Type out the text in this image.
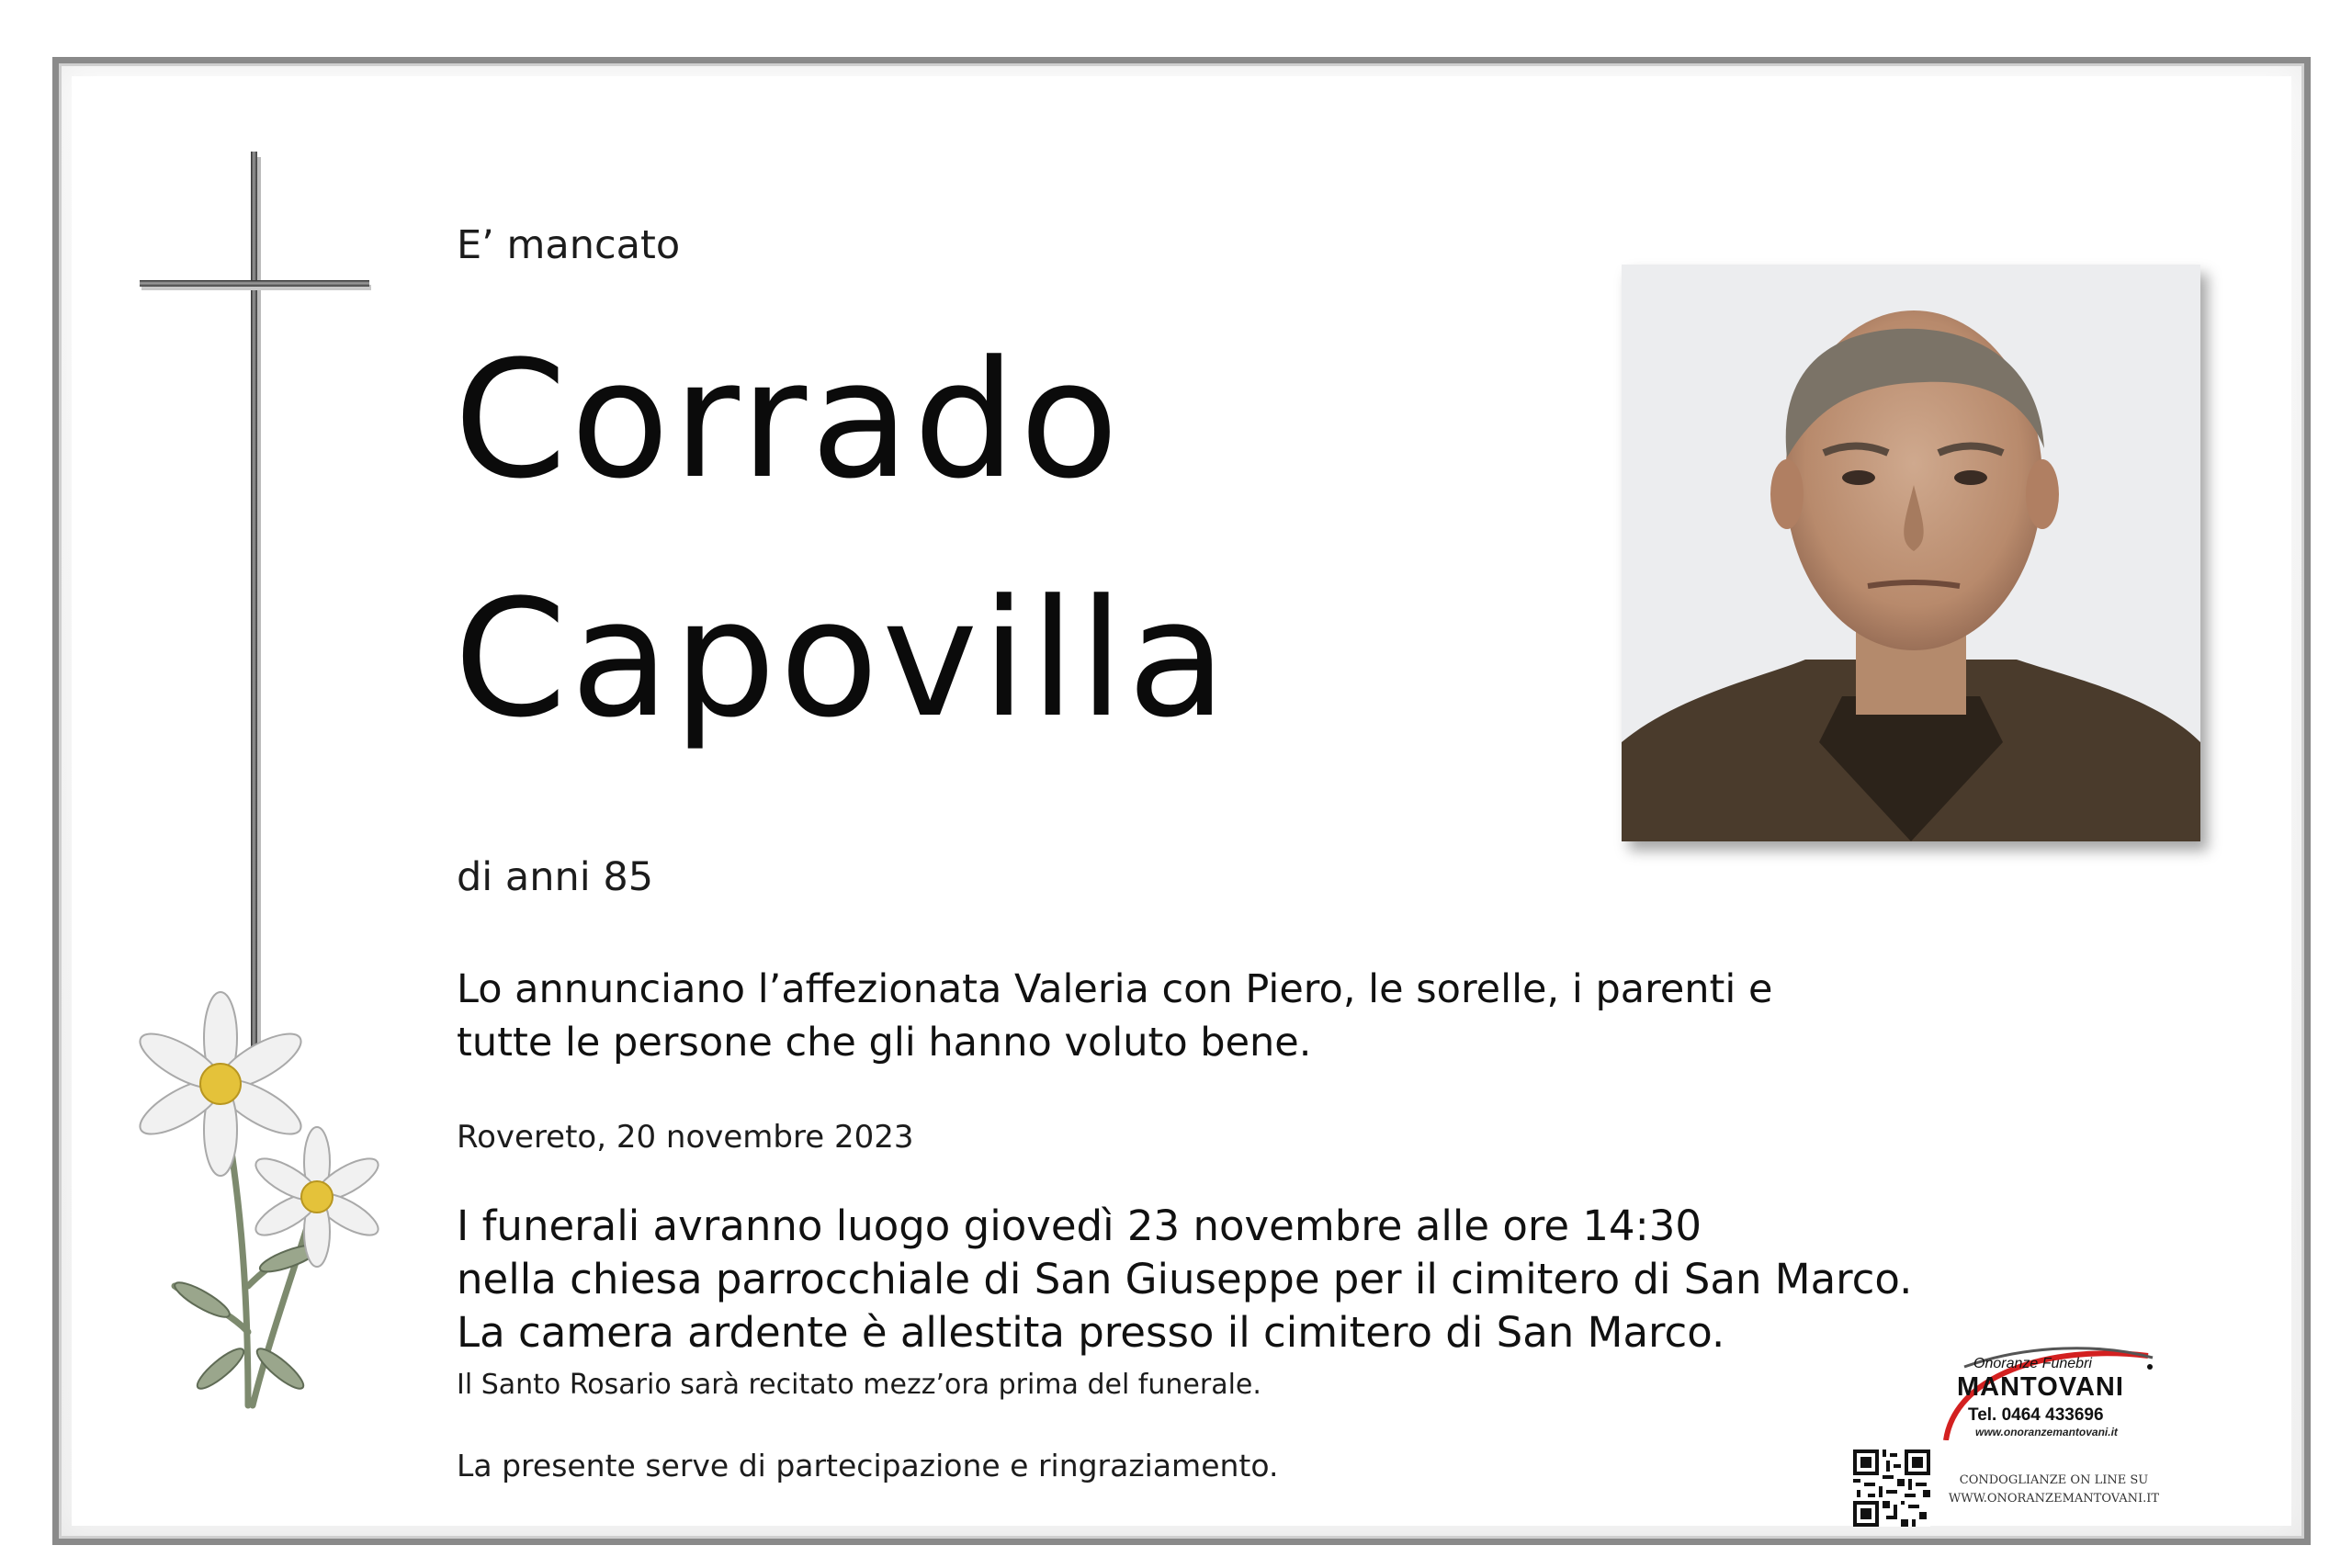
E’ mancato
Corrado
Capovilla
di anni 85
Lo annunciano l’affezionata Valeria con Piero, le sorelle, i parenti e tutte le persone che gli hanno voluto bene.
Rovereto, 20 novembre 2023
I funerali avranno luogo giovedì 23 novembre alle ore 14:30
nella chiesa parrocchiale di San Giuseppe per il cimitero di San Marco.
La camera ardente è allestita presso il cimitero di San Marco.
Il Santo Rosario sarà recitato mezz’ora prima del funerale.
La presente serve di partecipazione e ringraziamento.
Onoranze Funebri
MANTOVANI
Tel. 0464 433696
www.onoranzemantovani.it
CONDOGLIANZE ON LINE SU
WWW.ONORANZEMANTOVANI.IT
